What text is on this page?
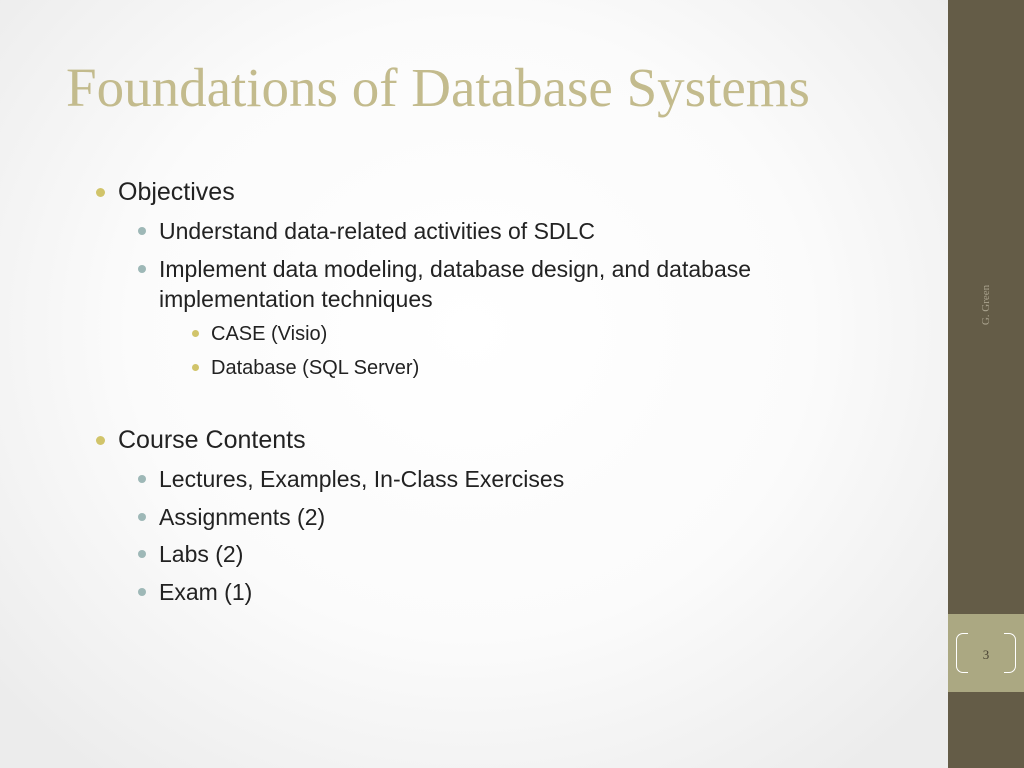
Foundations of Database Systems
Objectives
Understand data-related activities of SDLC
Implement data modeling, database design, and database
implementation techniques
CASE (Visio)
Database (SQL Server)
Course Contents
Lectures, Examples, In-Class Exercises
Assignments (2)
Labs (2)
Exam (1)
G. Green
3
